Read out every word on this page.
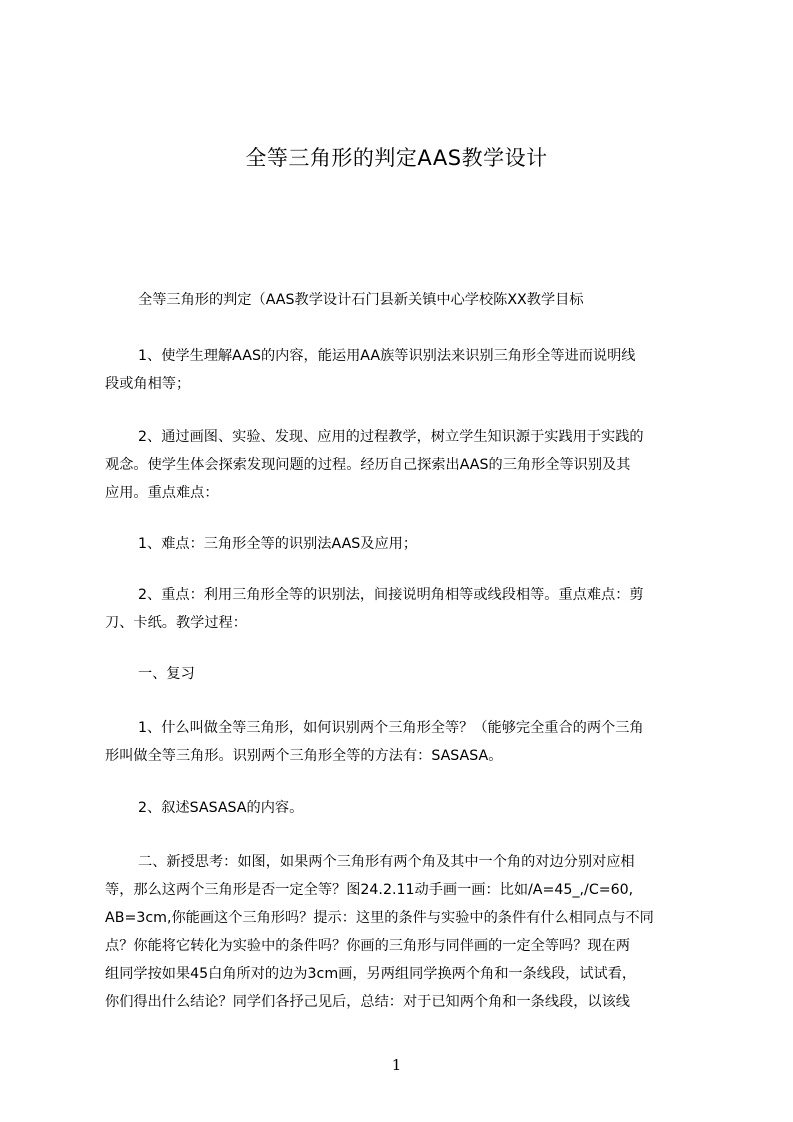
全等三角形的判定AAS教学设计
全等三角形的判定（AAS教学设计石门县新关镇中心学校陈XX教学目标
1、使学生理解AAS的内容，能运用AA族等识别法来识别三角形全等进而说明线
段或角相等；
2、通过画图、实验、发现、应用的过程教学，树立学生知识源于实践用于实践的
观念。使学生体会探索发现问题的过程。经历自己探索出AAS的三角形全等识别及其
应用。重点难点：
1、难点：三角形全等的识别法AAS及应用；
2、重点：利用三角形全等的识别法，间接说明角相等或线段相等。重点难点：剪
刀、卡纸。教学过程：
一、复习
1、什么叫做全等三角形，如何识别两个三角形全等？（能够完全重合的两个三角
形叫做全等三角形。识别两个三角形全等的方法有：SASASA。
2、叙述SASASA的内容。
二、新授思考：如图，如果两个三角形有两个角及其中一个角的对边分别对应相
等，那么这两个三角形是否一定全等？图24.2.11动手画一画：比如/A=45_,/C=60,
AB=3cm,你能画这个三角形吗？提示：这里的条件与实验中的条件有什么相同点与不同
点？你能将它转化为实验中的条件吗？你画的三角形与同伴画的一定全等吗？现在两
组同学按如果45白角所对的边为3cm画，另两组同学换两个角和一条线段，试试看，
你们得出什么结论？同学们各抒己见后，总结：对于已知两个角和一条线段，以该线
1
